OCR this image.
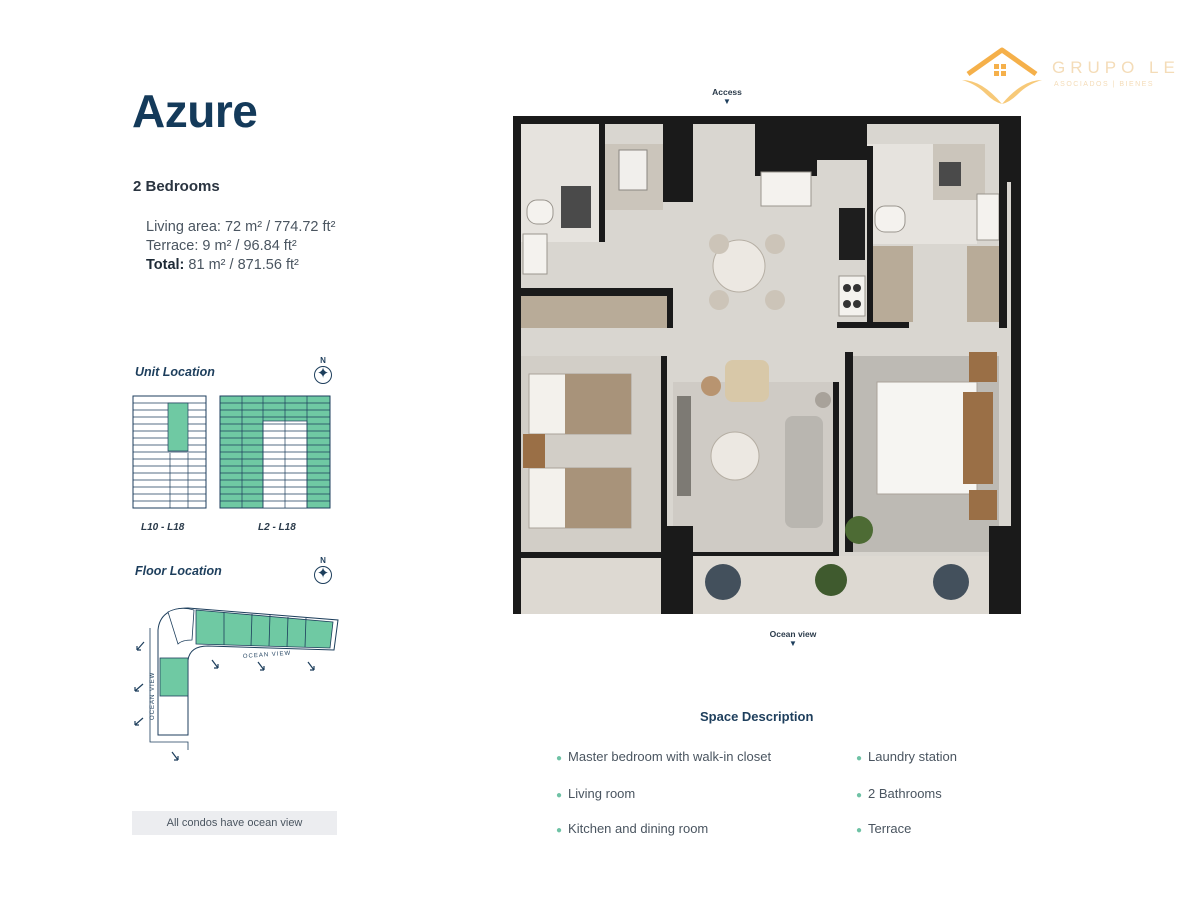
GRUPO LE
ASOCIADOS | BIENES
Azure
2 Bedrooms
Living area: 72 m² / 774.72 ft²
Terrace: 9 m² / 96.84 ft²
Total: 81 m² / 871.56 ft²
Unit Location
N
✦
L10 - L18	L2 - L18
Floor Location
N
✦
OCEAN VIEW
OCEAN VIEW
All condos have ocean view
Access
▼
Ocean view
▼
Space Description
● Master bedroom with walk-in closet	● Laundry station
● Living room	● 2 Bathrooms
● Kitchen and dining room	● Terrace
